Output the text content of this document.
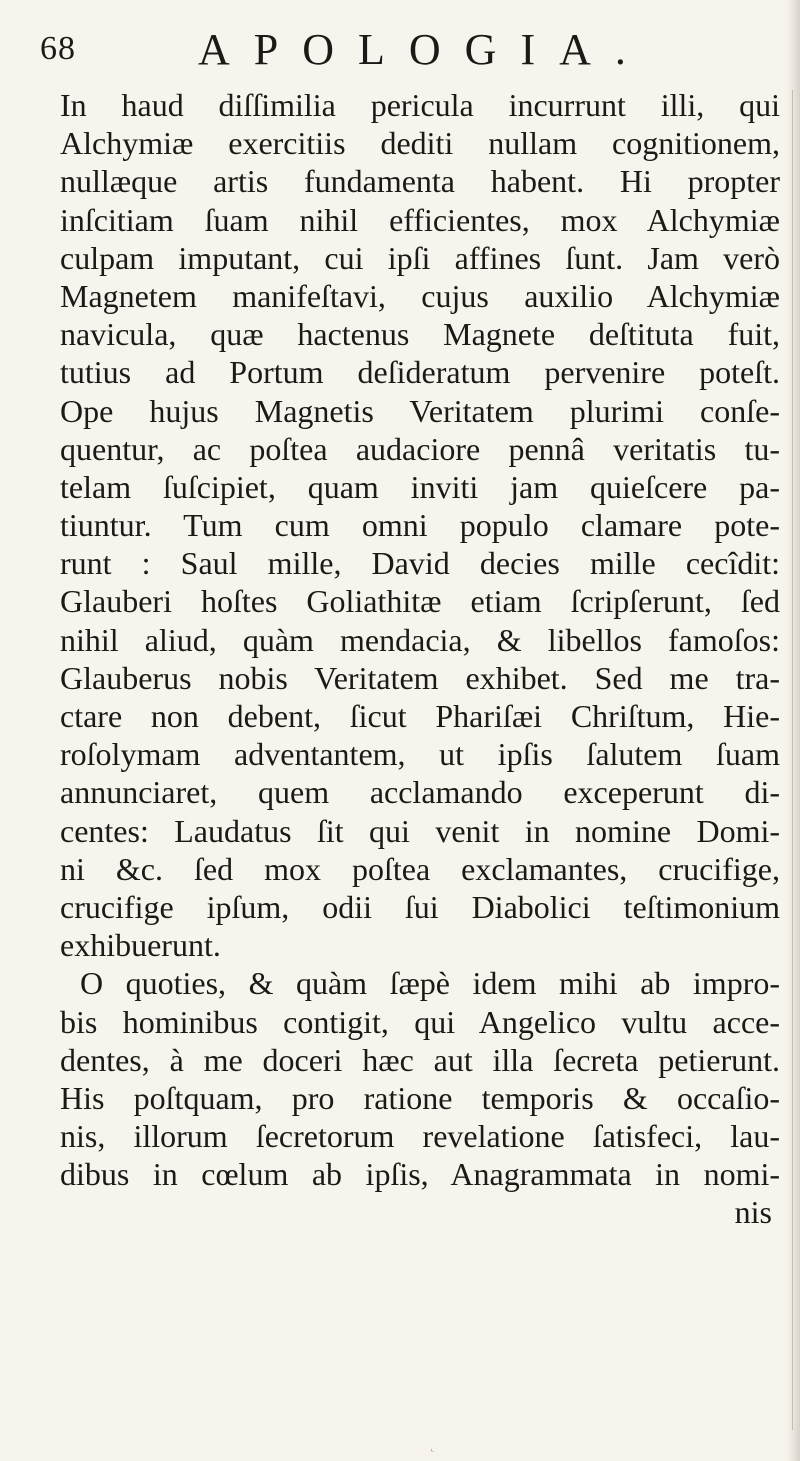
68	APOLOGIA.
In haud diſſimilia pericula incurrunt illi, qui
Alchymiæ exercitiis dediti nullam cognitionem,
nullæque artis fundamenta habent. Hi propter
inſcitiam ſuam nihil efficientes, mox Alchymiæ
culpam imputant, cui ipſi affines ſunt. Jam verò
Magnetem manifeſtavi, cujus auxilio Alchymiæ
navicula, quæ hactenus Magnete deſtituta fuit,
tutius ad Portum deſideratum pervenire poteſt.
Ope hujus Magnetis Veritatem plurimi conſe-
quentur, ac poſtea audaciore pennâ veritatis tu-
telam ſuſcipiet, quam inviti jam quieſcere pa-
tiuntur. Tum cum omni populo clamare pote-
runt : Saul mille, David decies mille cecîdit:
Glauberi hoſtes Goliathitæ etiam ſcripſerunt, ſed
nihil aliud, quàm mendacia, & libellos famoſos:
Glauberus nobis Veritatem exhibet. Sed me tra-
ctare non debent, ſicut Phariſæi Chriſtum, Hie-
roſolymam adventantem, ut ipſis ſalutem ſuam
annunciaret, quem acclamando exceperunt di-
centes: Laudatus ſit qui venit in nomine Domi-
ni &c. ſed mox poſtea exclamantes, crucifige,
crucifige ipſum, odii ſui Diabolici teſtimonium
exhibuerunt.
O quoties, & quàm ſæpè idem mihi ab impro-
bis hominibus contigit, qui Angelico vultu acce-
dentes, à me doceri hæc aut illa ſecreta petierunt.
His poſtquam, pro ratione temporis & occaſio-
nis, illorum ſecretorum revelatione ſatisfeci, lau-
dibus in cœlum ab ipſis, Anagrammata in nomi-
nis
˛
